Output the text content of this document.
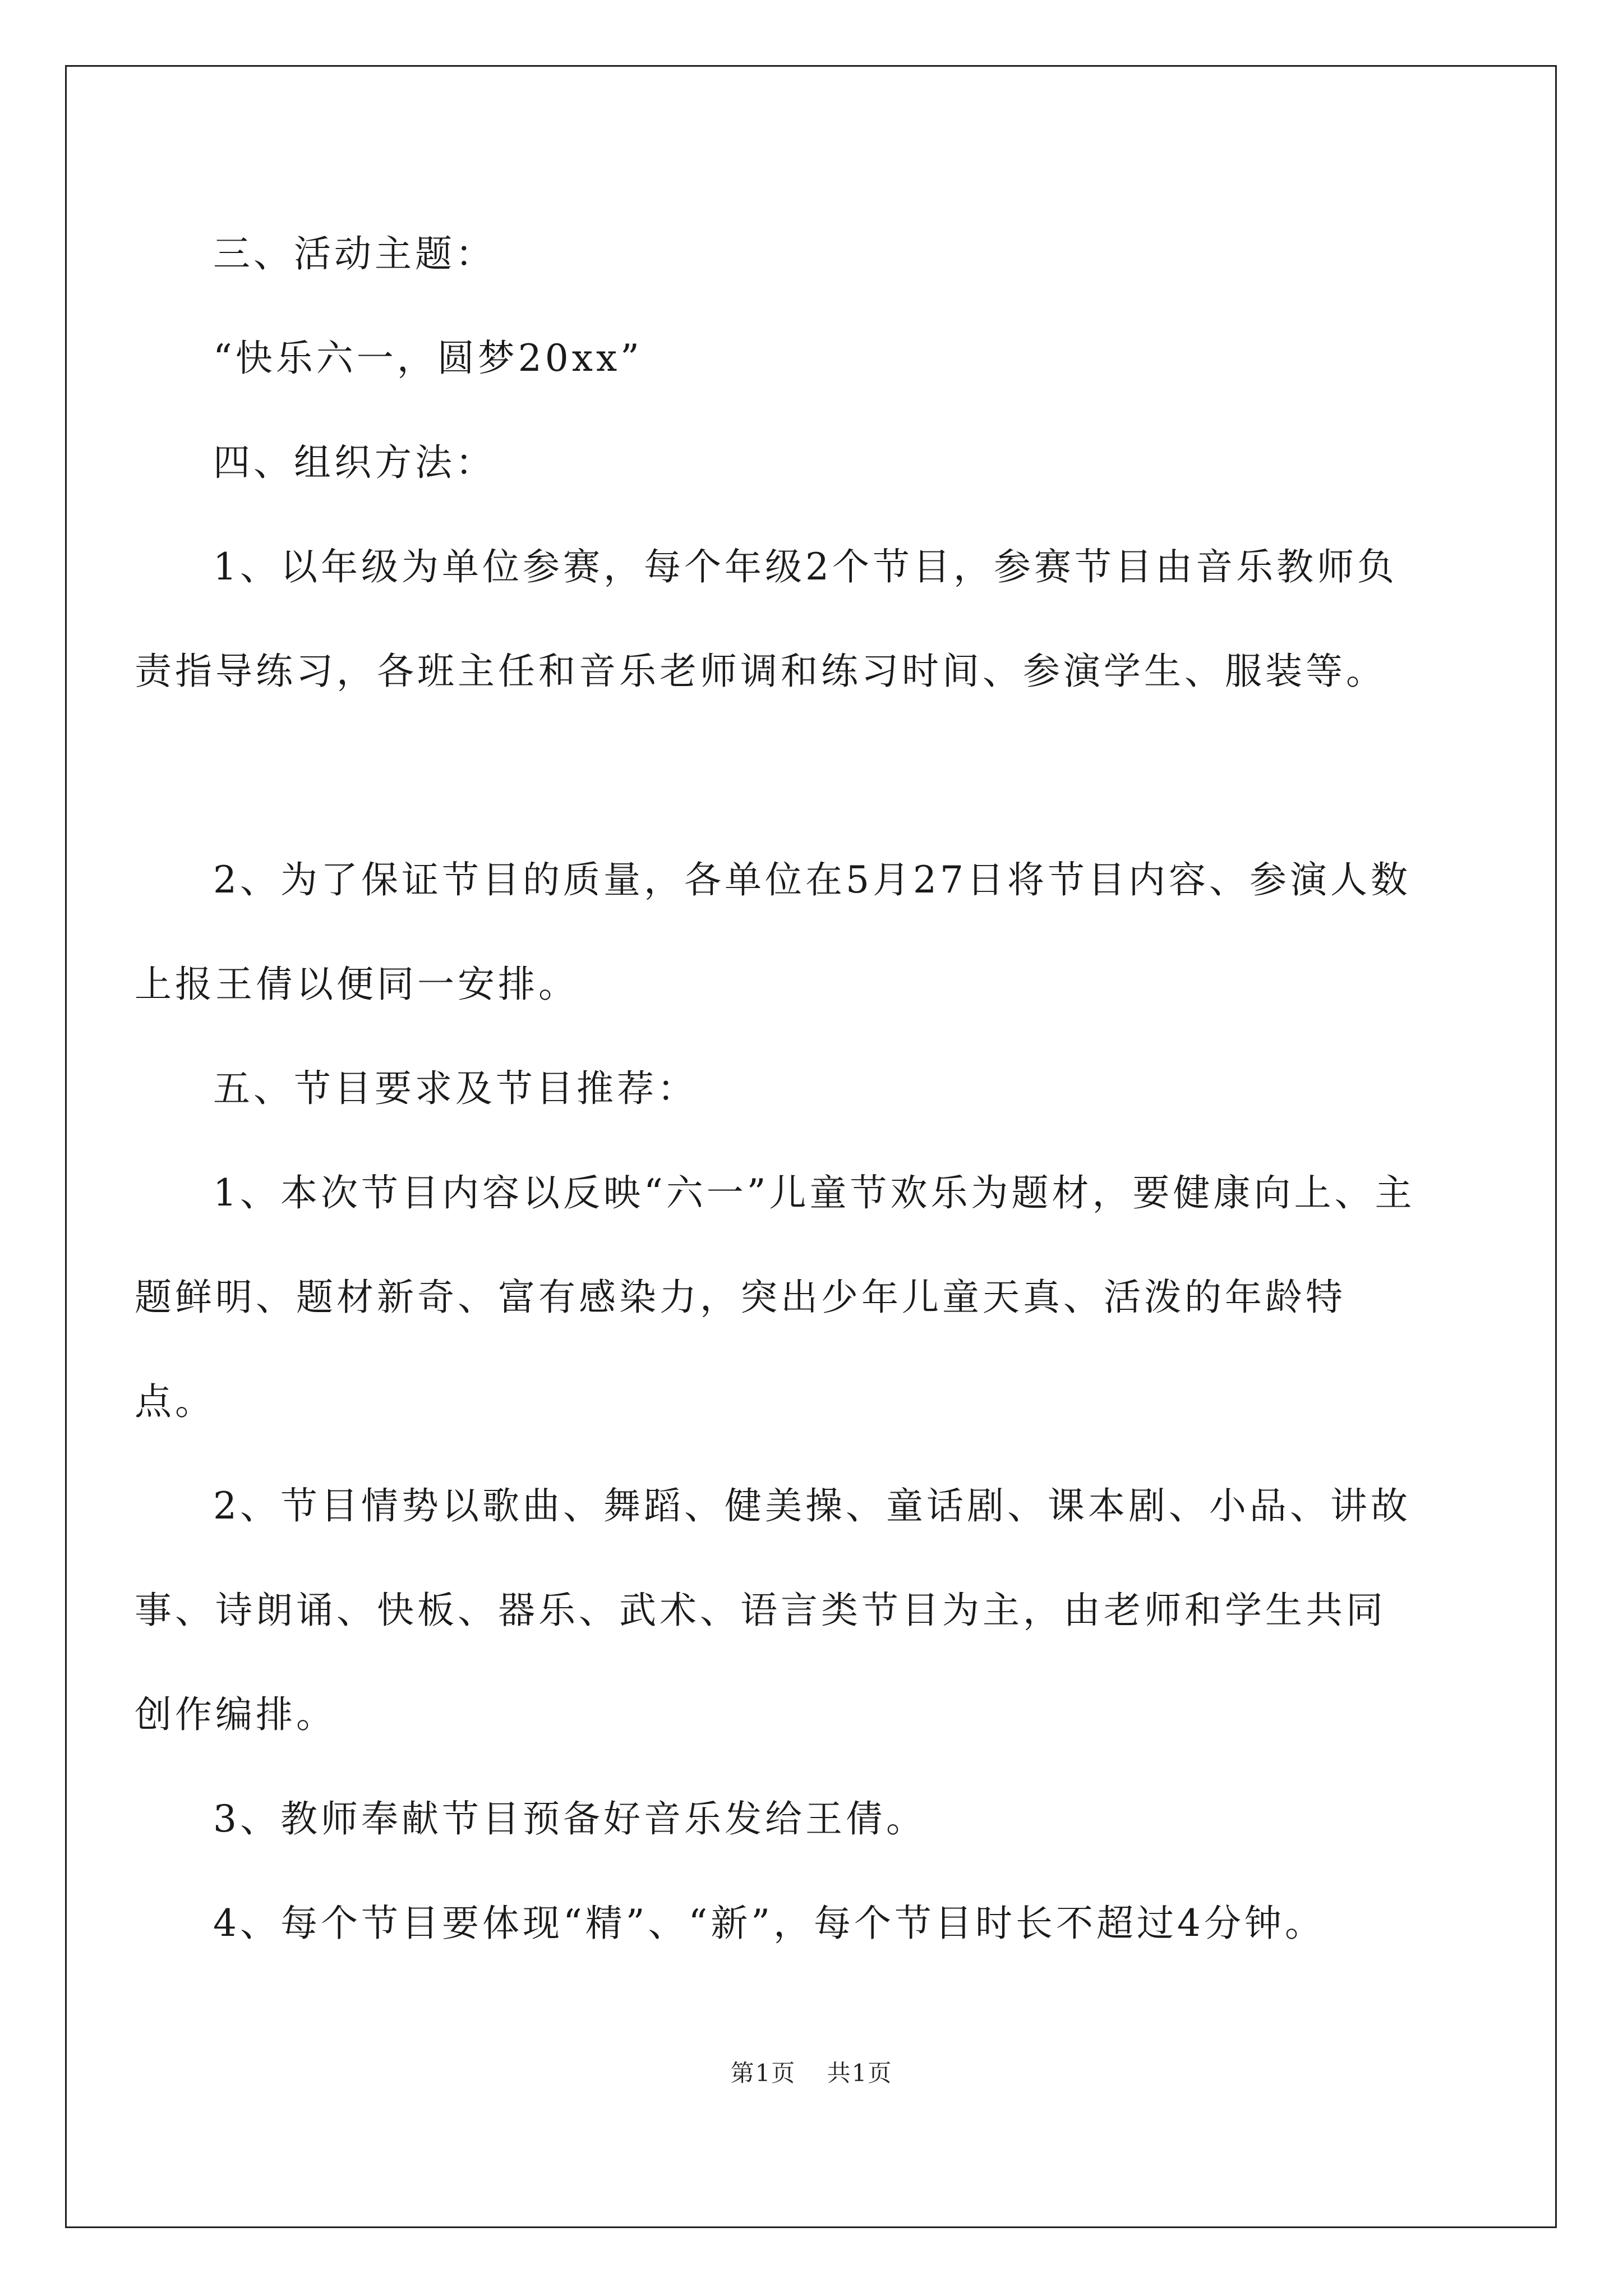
三、活动主题：

“快乐六一，圆梦20xx”

四、组织方法：

1、以年级为单位参赛，每个年级2个节目，参赛节目由音乐教师负责指导练习，各班主任和音乐老师调和练习时间、参演学生、服装等。

2、为了保证节目的质量，各单位在5月27日将节目内容、参演人数上报王倩以便同一安排。

五、节目要求及节目推荐：

1、本次节目内容以反映“六一”儿童节欢乐为题材，要健康向上、主题鲜明、题材新奇、富有感染力，突出少年儿童天真、活泼的年龄特点。

2、节目情势以歌曲、舞蹈、健美操、童话剧、课本剧、小品、讲故事、诗朗诵、快板、器乐、武术、语言类节目为主，由老师和学生共同创作编排。

3、教师奉献节目预备好音乐发给王倩。

4、每个节目要体现“精”、“新”，每个节目时长不超过4分钟。

第1页 共1页
